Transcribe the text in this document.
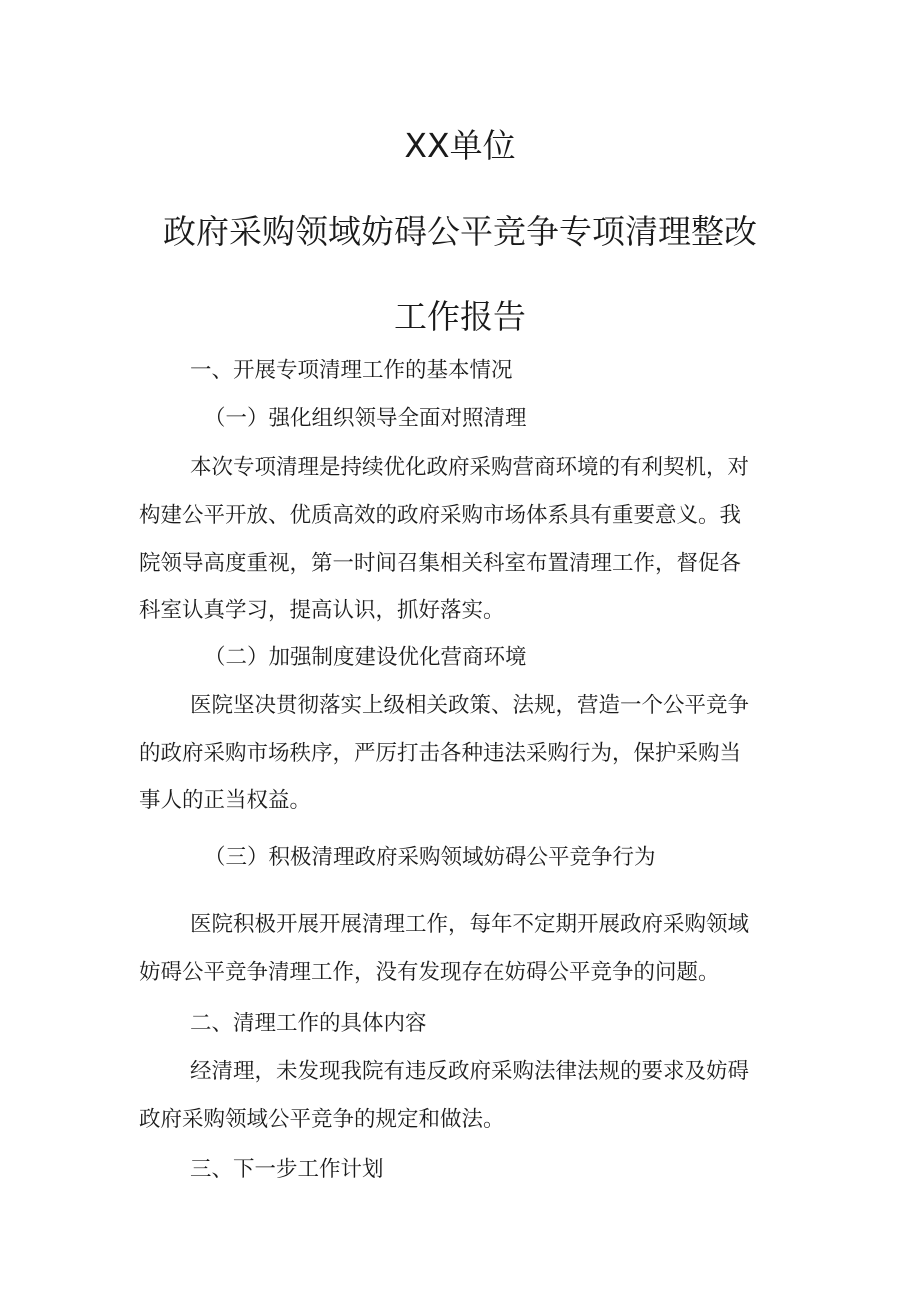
XX单位
政府采购领域妨碍公平竞争专项清理整改
工作报告

一、开展专项清理工作的基本情况

（一）强化组织领导全面对照清理

本次专项清理是持续优化政府采购营商环境的有利契机，对

构建公平开放、优质高效的政府采购市场体系具有重要意义。我

院领导高度重视，第一时间召集相关科室布置清理工作，督促各

科室认真学习，提高认识，抓好落实。

（二）加强制度建设优化营商环境

医院坚决贯彻落实上级相关政策、法规，营造一个公平竞争

的政府采购市场秩序，严厉打击各种违法采购行为，保护采购当

事人的正当权益。

（三）积极清理政府采购领域妨碍公平竞争行为

医院积极开展开展清理工作，每年不定期开展政府采购领域

妨碍公平竞争清理工作，没有发现存在妨碍公平竞争的问题。

二、清理工作的具体内容

经清理，未发现我院有违反政府采购法律法规的要求及妨碍

政府采购领域公平竞争的规定和做法。

三、下一步工作计划
